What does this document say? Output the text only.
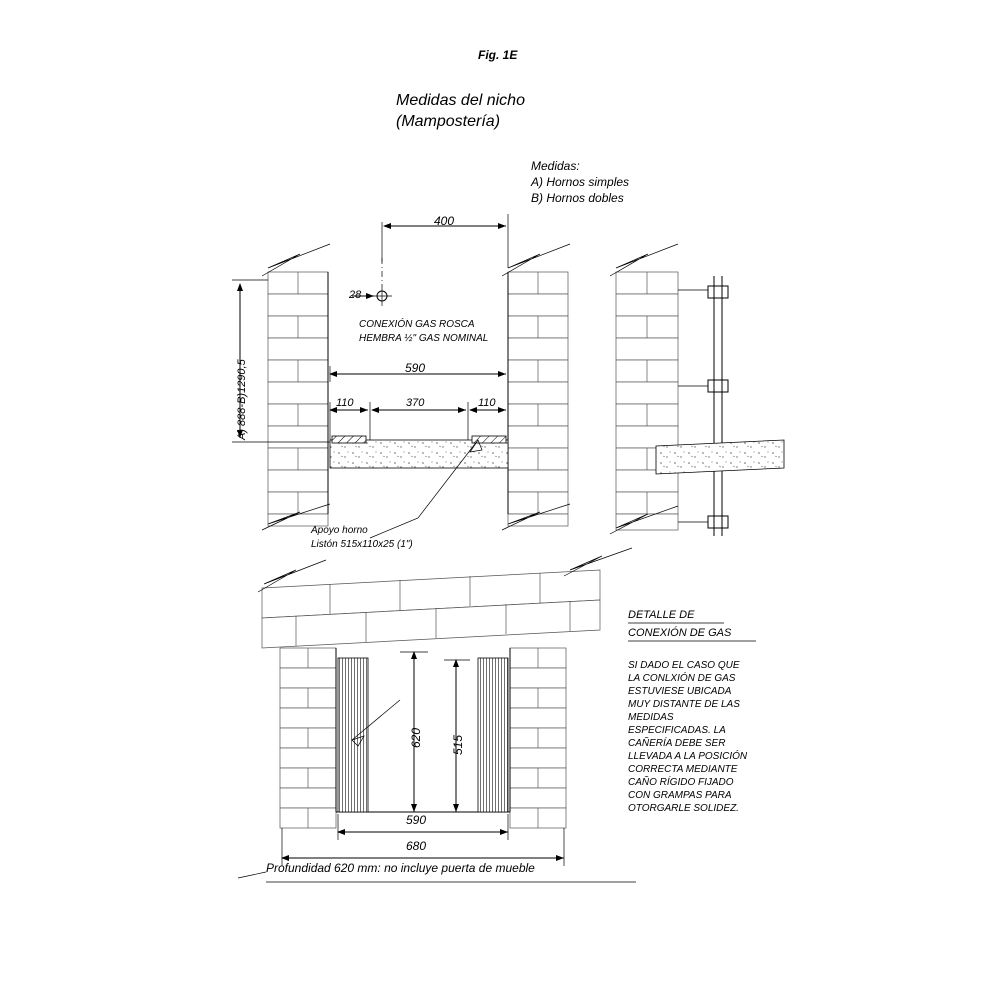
Fig. 1E
Medidas del nicho
(Mampostería)
Medidas:
A) Hornos simples
B) Hornos dobles
400
28
CONEXIÓN GAS ROSCA
HEMBRA ½" GAS NOMINAL
590
110	370	110
A) 888-B)1290,5
Apoyo horno
Listón 515x110x25 (1")
620 515
590
680
Profundidad 620 mm: no incluye puerta de mueble
DETALLE DE
CONEXIÓN DE GAS
SI DADO EL CASO QUE
LA CONLXIÓN DE GAS
ESTUVIESE UBICADA
MUY DISTANTE DE LAS
MEDIDAS
ESPECIFICADAS. LA
CAÑERÍA DEBE SER
LLEVADA A LA POSICIÓN
CORRECTA MEDIANTE
CAÑO RÍGIDO FIJADO
CON GRAMPAS PARA
OTORGARLE SOLIDEZ.
